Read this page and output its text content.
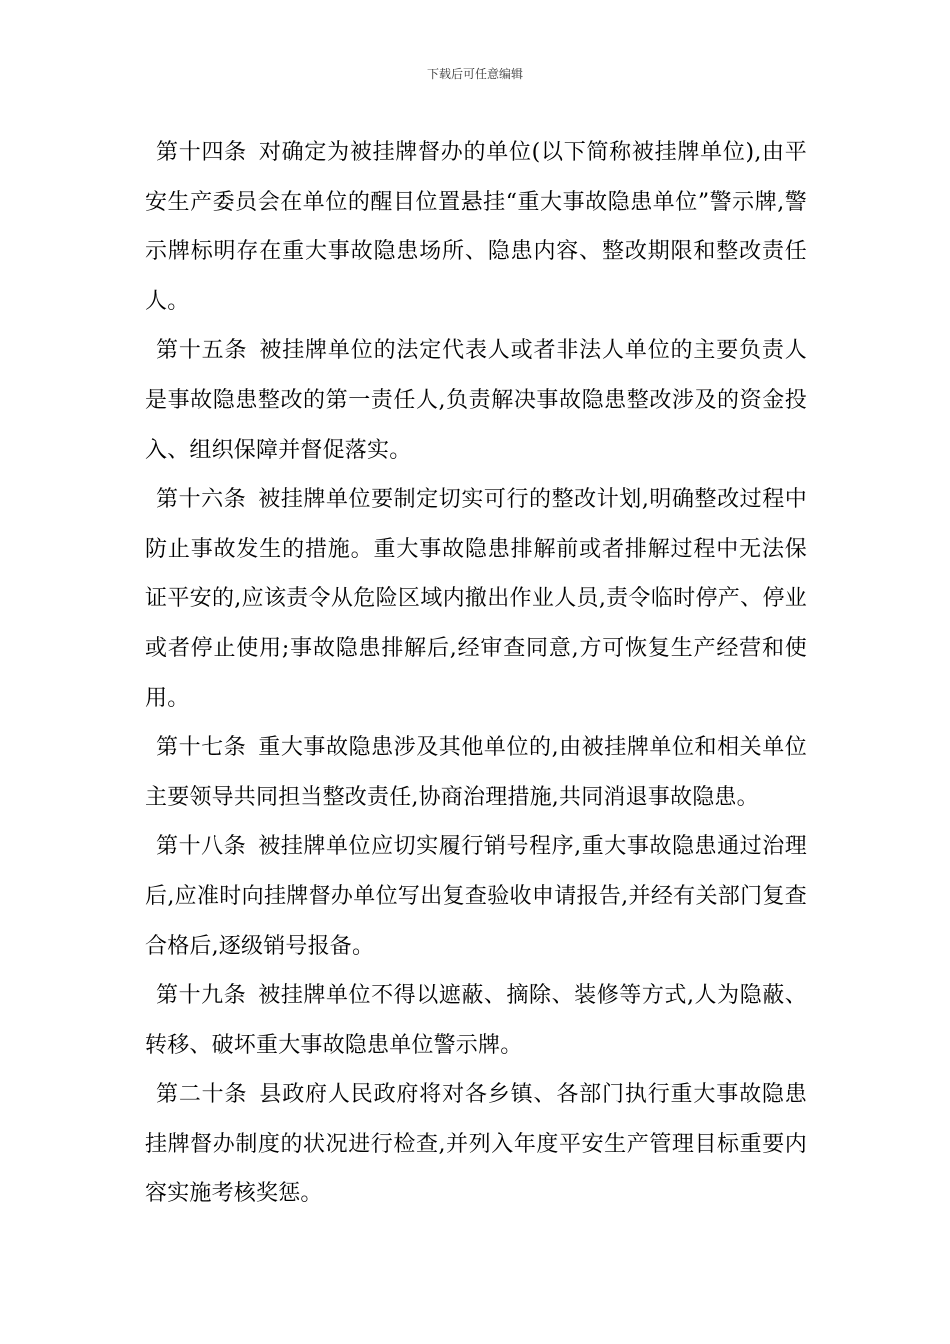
下载后可任意编辑

第十四条 对确定为被挂牌督办的单位(以下简称被挂牌单位),由平安生产委员会在单位的醒目位置悬挂“重大事故隐患单位”警示牌,警示牌标明存在重大事故隐患场所、隐患内容、整改期限和整改责任人。

第十五条 被挂牌单位的法定代表人或者非法人单位的主要负责人是事故隐患整改的第一责任人,负责解决事故隐患整改涉及的资金投入、组织保障并督促落实。

第十六条 被挂牌单位要制定切实可行的整改计划,明确整改过程中防止事故发生的措施。重大事故隐患排解前或者排解过程中无法保证平安的,应该责令从危险区域内撤出作业人员,责令临时停产、停业或者停止使用;事故隐患排解后,经审查同意,方可恢复生产经营和使用。

第十七条 重大事故隐患涉及其他单位的,由被挂牌单位和相关单位主要领导共同担当整改责任,协商治理措施,共同消退事故隐患。

第十八条 被挂牌单位应切实履行销号程序,重大事故隐患通过治理后,应准时向挂牌督办单位写出复查验收申请报告,并经有关部门复查合格后,逐级销号报备。

第十九条 被挂牌单位不得以遮蔽、摘除、装修等方式,人为隐蔽、转移、破坏重大事故隐患单位警示牌。

第二十条 县政府人民政府将对各乡镇、各部门执行重大事故隐患挂牌督办制度的状况进行检查,并列入年度平安生产管理目标重要内容实施考核奖惩。
